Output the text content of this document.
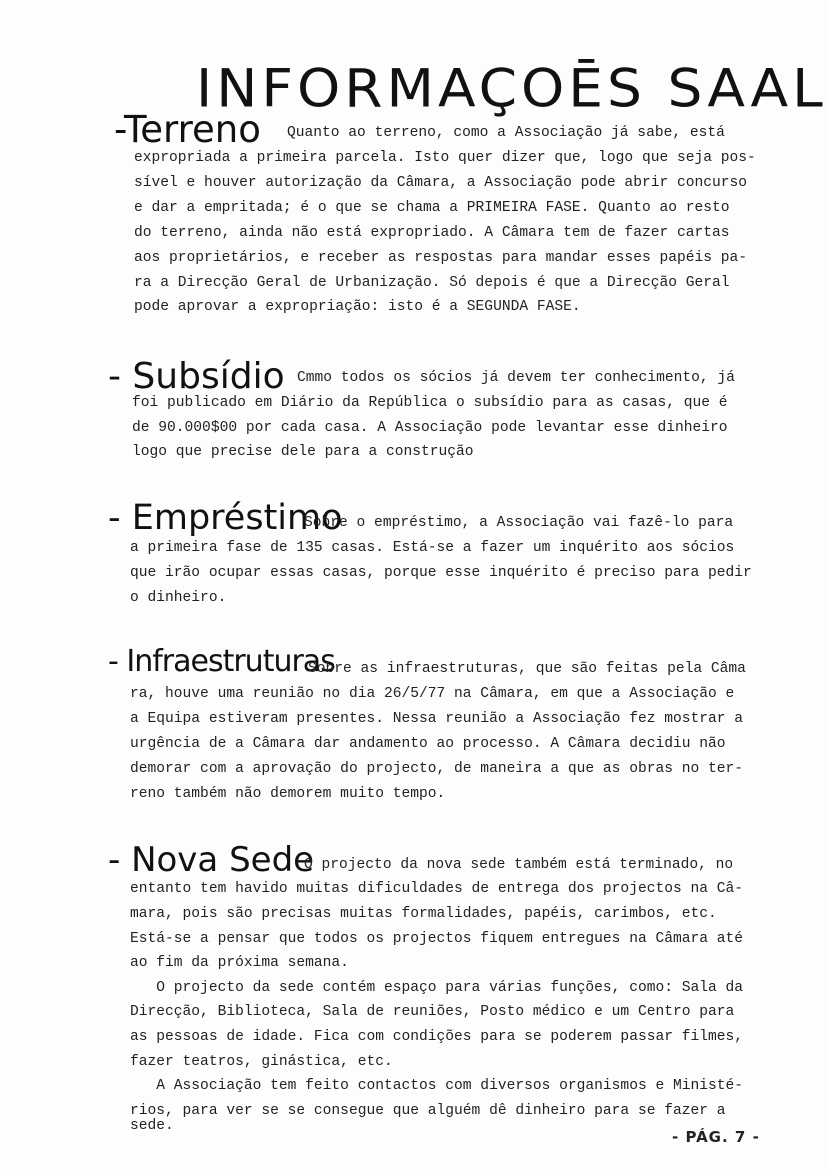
INFORMAÇOĒS SAAL
-Terreno Quanto ao terreno, como a Associação já sabe, está
expropriada a primeira parcela. Isto quer dizer que, logo que seja pos-
sível e houver autorização da Câmara, a Associação pode abrir concurso
e dar a empritada; é o que se chama a PRIMEIRA FASE. Quanto ao resto
do terreno, ainda não está expropriado. A Câmara tem de fazer cartas
aos proprietários, e receber as respostas para mandar esses papéis pa-
ra a Direcção Geral de Urbanização. Só depois é que a Direcção Geral
pode aprovar a expropriação: isto é a SEGUNDA FASE.
- Subsídio Cmmo todos os sócios já devem ter conhecimento, já
foi publicado em Diário da República o subsídio para as casas, que é
de 90.000$00 por cada casa. A Associação pode levantar esse dinheiro
logo que precise dele para a construção
- Empréstimo
Sobre o empréstimo, a Associação vai fazê-lo para
a primeira fase de 135 casas. Está-se a fazer um inquérito aos sócios
que irão ocupar essas casas, porque esse inquérito é preciso para pedir
o dinheiro.
- Infraestruturas
Sobre as infraestruturas, que são feitas pela Câma
ra, houve uma reunião no dia 26/5/77 na Câmara, em que a Associação e
a Equipa estiveram presentes. Nessa reunião a Associação fez mostrar a
urgência de a Câmara dar andamento ao processo. A Câmara decidiu não
demorar com a aprovação do projecto, de maneira a que as obras no ter-
reno também não demorem muito tempo.
- Nova Sede
O projecto da nova sede também está terminado, no
entanto tem havido muitas dificuldades de entrega dos projectos na Câ-
mara, pois são precisas muitas formalidades, papéis, carimbos, etc.
Está-se a pensar que todos os projectos fiquem entregues na Câmara até
ao fim da próxima semana.
O projecto da sede contém espaço para várias funções, como: Sala da
Direcção, Biblioteca, Sala de reuniões, Posto médico e um Centro para
as pessoas de idade. Fica com condições para se poderem passar filmes,
fazer teatros, ginástica, etc.
A Associação tem feito contactos com diversos organismos e Ministé-
rios, para ver se se consegue que alguém dê dinheiro para se fazer a
sede.
- PÁG. 7 -
